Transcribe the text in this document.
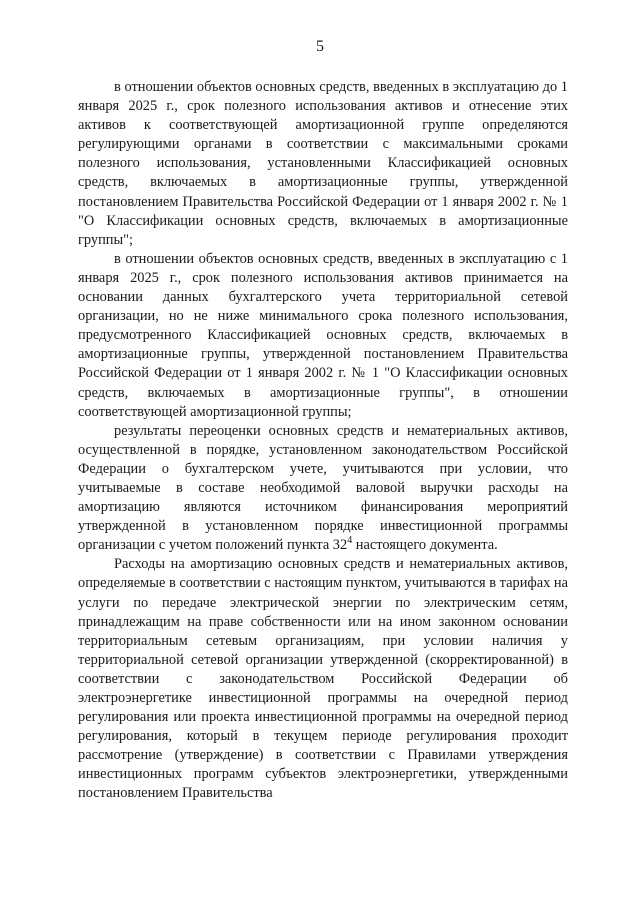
5

в отношении объектов основных средств, введенных в эксплуатацию до 1 января 2025 г., срок полезного использования активов и отнесение этих активов к соответствующей амортизационной группе определяются регулирующими органами в соответствии с максимальными сроками полезного использования, установленными Классификацией основных средств, включаемых в амортизационные группы, утвержденной постановлением Правительства Российской Федерации от 1 января 2002 г. № 1 "О Классификации основных средств, включаемых в амортизационные группы";

в отношении объектов основных средств, введенных в эксплуатацию с 1 января 2025 г., срок полезного использования активов принимается на основании данных бухгалтерского учета территориальной сетевой организации, но не ниже минимального срока полезного использования, предусмотренного Классификацией основных средств, включаемых в амортизационные группы, утвержденной постановлением Правительства Российской Федерации от 1 января 2002 г. № 1 "О Классификации основных средств, включаемых в амортизационные группы", в отношении соответствующей амортизационной группы;

результаты переоценки основных средств и нематериальных активов, осуществленной в порядке, установленном законодательством Российской Федерации о бухгалтерском учете, учитываются при условии, что учитываемые в составе необходимой валовой выручки расходы на амортизацию являются источником финансирования мероприятий утвержденной в установленном порядке инвестиционной программы организации с учетом положений пункта $32^4$ настоящего документа.

Расходы на амортизацию основных средств и нематериальных активов, определяемые в соответствии с настоящим пунктом, учитываются в тарифах на услуги по передаче электрической энергии по электрическим сетям, принадлежащим на праве собственности или на ином законном основании территориальным сетевым организациям, при условии наличия у территориальной сетевой организации утвержденной (скорректированной) в соответствии с законодательством Российской Федерации об электроэнергетике инвестиционной программы на очередной период регулирования или проекта инвестиционной программы на очередной период регулирования, который в текущем периоде регулирования проходит рассмотрение (утверждение) в соответствии с Правилами утверждения инвестиционных программ субъектов электроэнергетики, утвержденными постановлением Правительства
